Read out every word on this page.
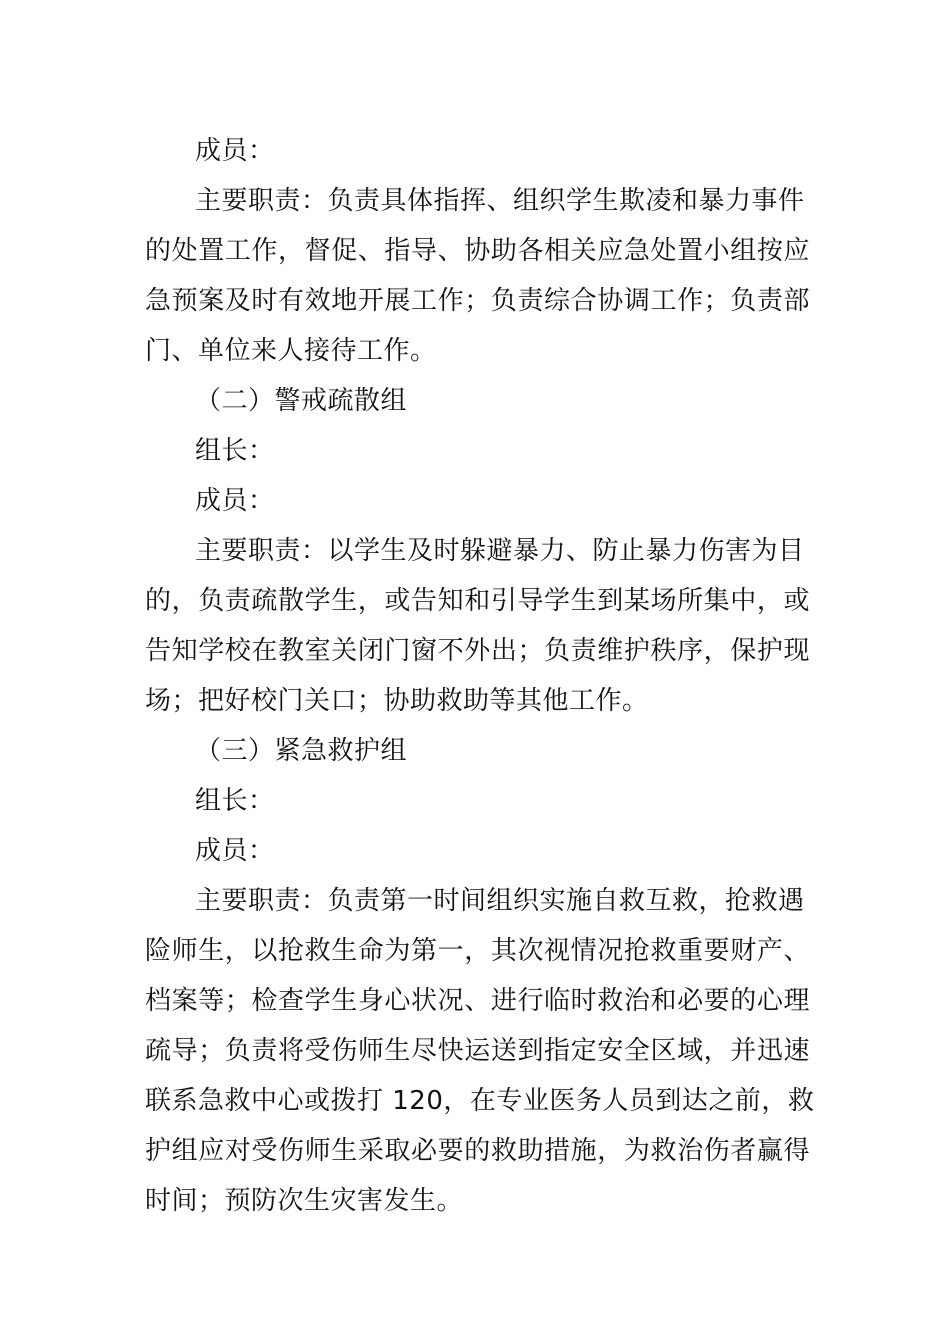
成员：
主要职责：负责具体指挥、组织学生欺凌和暴力事件
的处置工作，督促、指导、协助各相关应急处置小组按应
急预案及时有效地开展工作；负责综合协调工作；负责部
门、单位来人接待工作。
（二）警戒疏散组
组长：
成员：
主要职责：以学生及时躲避暴力、防止暴力伤害为目
的，负责疏散学生，或告知和引导学生到某场所集中，或
告知学校在教室关闭门窗不外出；负责维护秩序，保护现
场；把好校门关口；协助救助等其他工作。
（三）紧急救护组
组长：
成员：
主要职责：负责第一时间组织实施自救互救，抢救遇
险师生，以抢救生命为第一，其次视情况抢救重要财产、
档案等；检查学生身心状况、进行临时救治和必要的心理
疏导；负责将受伤师生尽快运送到指定安全区域，并迅速
联系急救中心或拨打 120，在专业医务人员到达之前，救
护组应对受伤师生采取必要的救助措施，为救治伤者赢得
时间；预防次生灾害发生。
